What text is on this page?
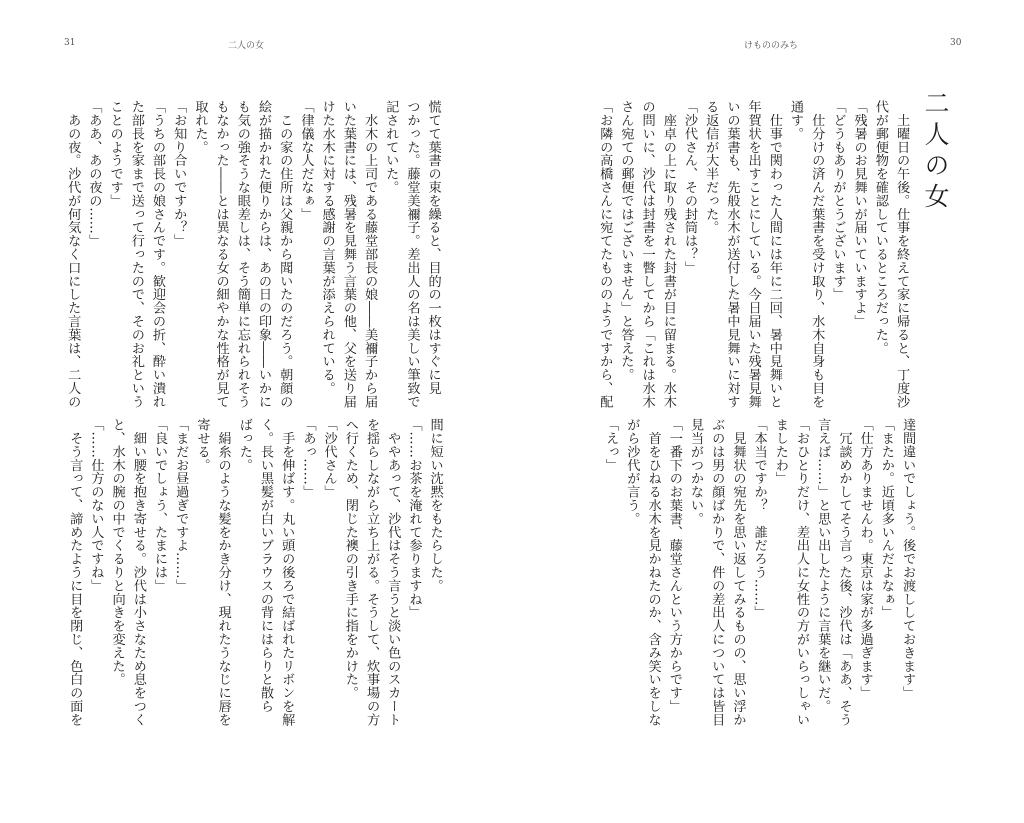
31	二人の女
慌てて葉書の束を繰ると、目的の一枚はすぐに見
つかった。藤堂美禰子。差出人の名は美しい筆致で
記されていた。
　水木の上司である藤堂部長の娘――美禰子から届
いた葉書には、残暑を見舞う言葉の他、父を送り届
けた水木に対する感謝の言葉が添えられている。
「律儀な人だなぁ」
　この家の住所は父親から聞いたのだろう。朝顔の
絵が描かれた便りからは、あの日の印象――いかに
も気の強そうな眼差しは、そう簡単に忘れられそう
もなかった――とは異なる女の細やかな性格が見て
取れた。
「お知り合いですか？」
「うちの部長の娘さんです。歓迎会の折、酔い潰れ
た部長を家まで送って行ったので、そのお礼という
ことのようです」
「ああ、あの夜の……」
　あの夜。沙代が何気なく口にした言葉は、二人の
間に短い沈黙をもたらした。
「……お茶を淹れて参りますね」
　ややあって、沙代はそう言うと淡い色のスカート
を揺らしながら立ち上がる。そうして、炊事場の方
へ行くため、閉じた襖の引き手に指をかけた。
「沙代さん」
「あっ……」
　手を伸ばす。丸い頭の後ろで結ばれたリボンを解
く。長い黒髪が白いブラウスの背にはらりと散ら
ばった。
　絹糸のような髪をかき分け、現れたうなじに唇を
寄せる。
「まだお昼過ぎですよ……」
「良いでしょう、たまには」
　細い腰を抱き寄せる。沙代は小さなため息をつく
と、水木の腕の中でくるりと向きを変えた。
「……仕方のない人ですね」
　そう言って、諦めたように目を閉じ、色白の面を
けもののみち	30
二人の女
　土曜日の午後。仕事を終えて家に帰ると、丁度沙
代が郵便物を確認しているところだった。
「残暑のお見舞いが届いていますよ」
「どうもありがとうございます」
　仕分けの済んだ葉書を受け取り、水木自身も目を
通す。
　仕事で関わった人間には年に二回、暑中見舞いと
年賀状を出すことにしている。今日届いた残暑見舞
いの葉書も、先般水木が送付した暑中見舞いに対す
る返信が大半だった。
「沙代さん、その封筒は？」
　座卓の上に取り残された封書が目に留まる。水木
の問いに、沙代は封書を一瞥してから「これは水木
さん宛ての郵便ではございません」と答えた。
「お隣の高橋さんに宛てたもののようですから、配
達間違いでしょう。後でお渡ししておきます」
「またか。近頃多いんだよなぁ」
「仕方ありませんわ。東京は家が多過ぎます」
　冗談めかしてそう言った後、沙代は「ああ、そう
言えば……」と思い出したように言葉を継いだ。
「おひとりだけ、差出人に女性の方がいらっしゃい
ましたわ」
「本当ですか？　誰だろう……」
　見舞状の宛先を思い返してみるものの、思い浮か
ぶのは男の顔ばかりで、件の差出人については皆目
見当がつかない。
「一番下のお葉書、藤堂さんという方からです」
　首をひねる水木を見かねたのか、含み笑いをしな
がら沙代が言う。
「えっ」
